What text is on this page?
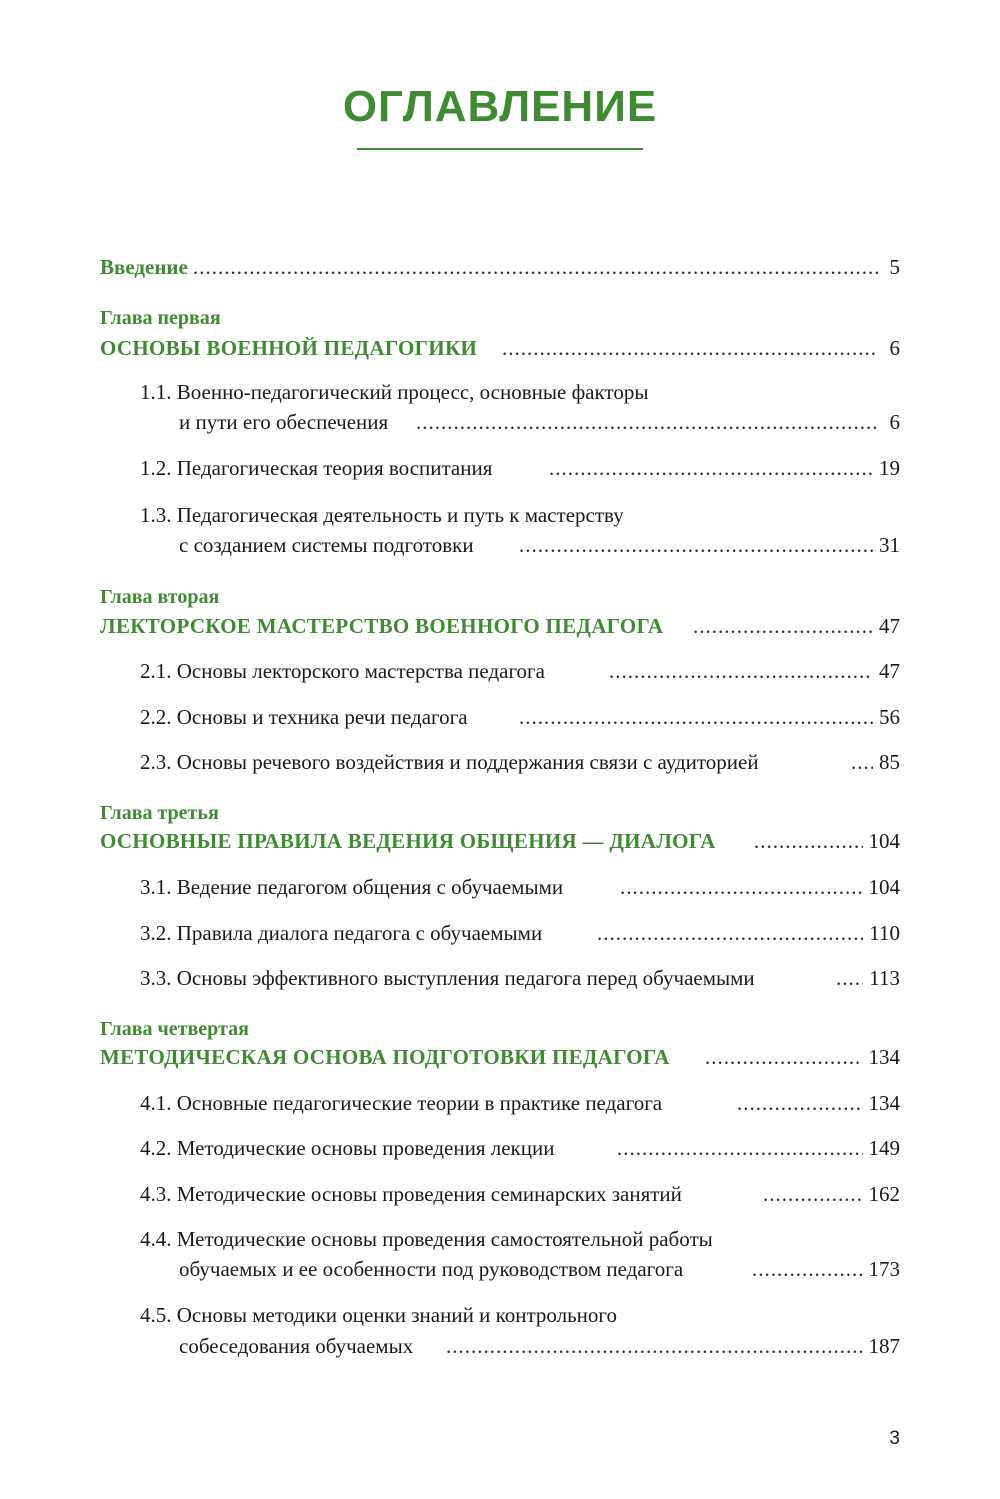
ОГЛАВЛЕНИЕ
Введение .....	5
Глава первая
ОСНОВЫ ВОЕННОЙ ПЕДАГОГИКИ .....	6
1.1. Военно-педагогический процесс, основные факторы
и пути его обеспечения .....	6
1.2. Педагогическая теория воспитания .....	19
1.3. Педагогическая деятельность и путь к мастерству
с созданием системы подготовки .....	31
Глава вторая
ЛЕКТОРСКОЕ МАСТЕРСТВО ВОЕННОГО ПЕДАГОГА .....	47
2.1. Основы лекторского мастерства педагога .....	47
2.2. Основы и техника речи педагога .....	56
2.3. Основы речевого воздействия и поддержания связи с аудиторией .....	85
Глава третья
ОСНОВНЫЕ ПРАВИЛА ВЕДЕНИЯ ОБЩЕНИЯ — ДИАЛОГА .....	104
3.1. Ведение педагогом общения с обучаемыми .....	104
3.2. Правила диалога педагога с обучаемыми .....	110
3.3. Основы эффективного выступления педагога перед обучаемыми .....	113
Глава четвертая
МЕТОДИЧЕСКАЯ ОСНОВА ПОДГОТОВКИ ПЕДАГОГА .....	134
4.1. Основные педагогические теории в практике педагога .....	134
4.2. Методические основы проведения лекции .....	149
4.3. Методические основы проведения семинарских занятий .....	162
4.4. Методические основы проведения самостоятельной работы
обучаемых и ее особенности под руководством педагога .....	173
4.5. Основы методики оценки знаний и контрольного
собеседования обучаемых .....	187
3
